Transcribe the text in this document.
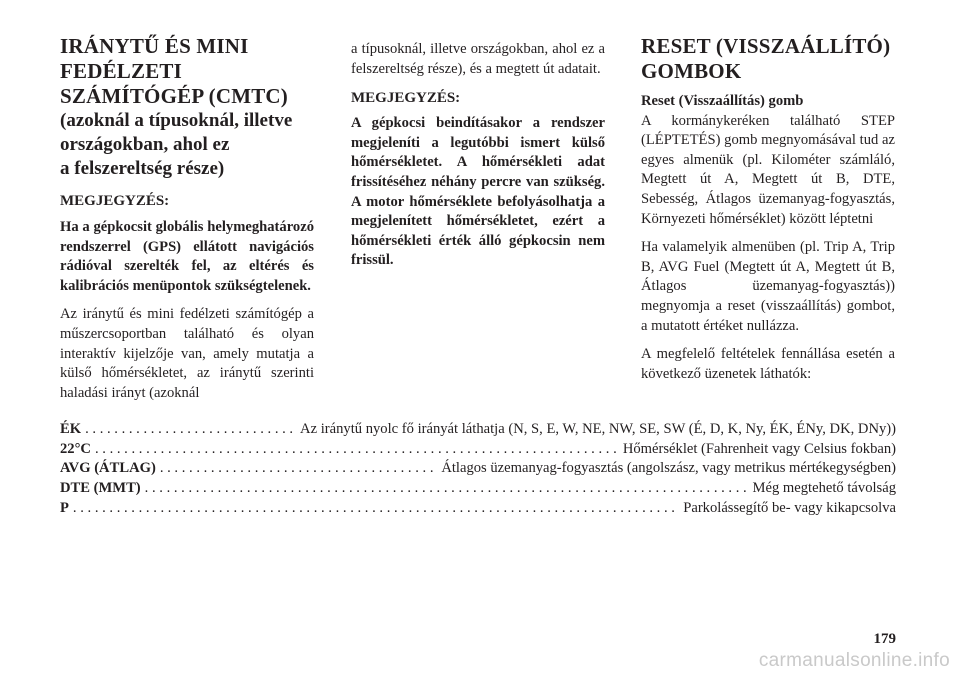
IRÁNYTŰ ÉS MINI
FEDÉLZETI
SZÁMÍTÓGÉP (CMTC)
(azoknál a típusoknál, illetve
országokban, ahol ez
a felszereltség része)
MEGJEGYZÉS:

Ha a gépkocsit globális helymeghatározó rendszerrel (GPS) ellátott navigációs rádióval szerelték fel, az eltérés és kalibrációs menüpontok szükségtelenek.

Az iránytű és mini fedélzeti számítógép a műszercsoportban található és olyan interaktív kijelzője van, amely mutatja a külső hőmérsékletet, az iránytű szerinti haladási irányt (azoknál

a típusoknál, illetve országokban, ahol ez a felszereltség része), és a megtett út adatait.

MEGJEGYZÉS:

A gépkocsi beindításakor a rendszer megjeleníti a legutóbbi ismert külső hőmérsékletet. A hőmérsékleti adat frissítéséhez néhány percre van szükség. A motor hőmérséklete befolyásolhatja a megjelenített hőmérsékletet, ezért a hőmérsékleti érték álló gépkocsin nem frissül.

RESET (VISSZAÁLLÍTÓ)
GOMBOK
Reset (Visszaállítás) gomb

A kormánykeréken található STEP (LÉPTETÉS) gomb megnyomásával tud az egyes almenük (pl. Kilométer számláló, Megtett út A, Megtett út B, DTE, Sebesség, Átlagos üzemanyag-fogyasztás, Környezeti hőmérséklet) között léptetni

Ha valamelyik almenüben (pl. Trip A, Trip B, AVG Fuel (Megtett út A, Megtett út B, Átlagos üzemanyag-fogyasztás)) megnyomja a reset (visszaállítás) gombot, a mutatott értéket nullázza.

A megfelelő feltételek fennállása esetén a következő üzenetek láthatók:

ÉK . . .	Az iránytű nyolc fő irányát láthatja (N, S, E, W, NE, NW, SE, SW (É, D, K, Ny, ÉK, ÉNy, DK, DNy))
22°C . . .	Hőmérséklet (Fahrenheit vagy Celsius fokban)
AVG (ÁTLAG) . . .	Átlagos üzemanyag-fogyasztás (angolszász, vagy metrikus mértékegységben)
DTE (MMT) . . .	Még megtehető távolság
P . . .	Parkolássegítő be- vagy kikapcsolva
179
carmanualsonline.info
